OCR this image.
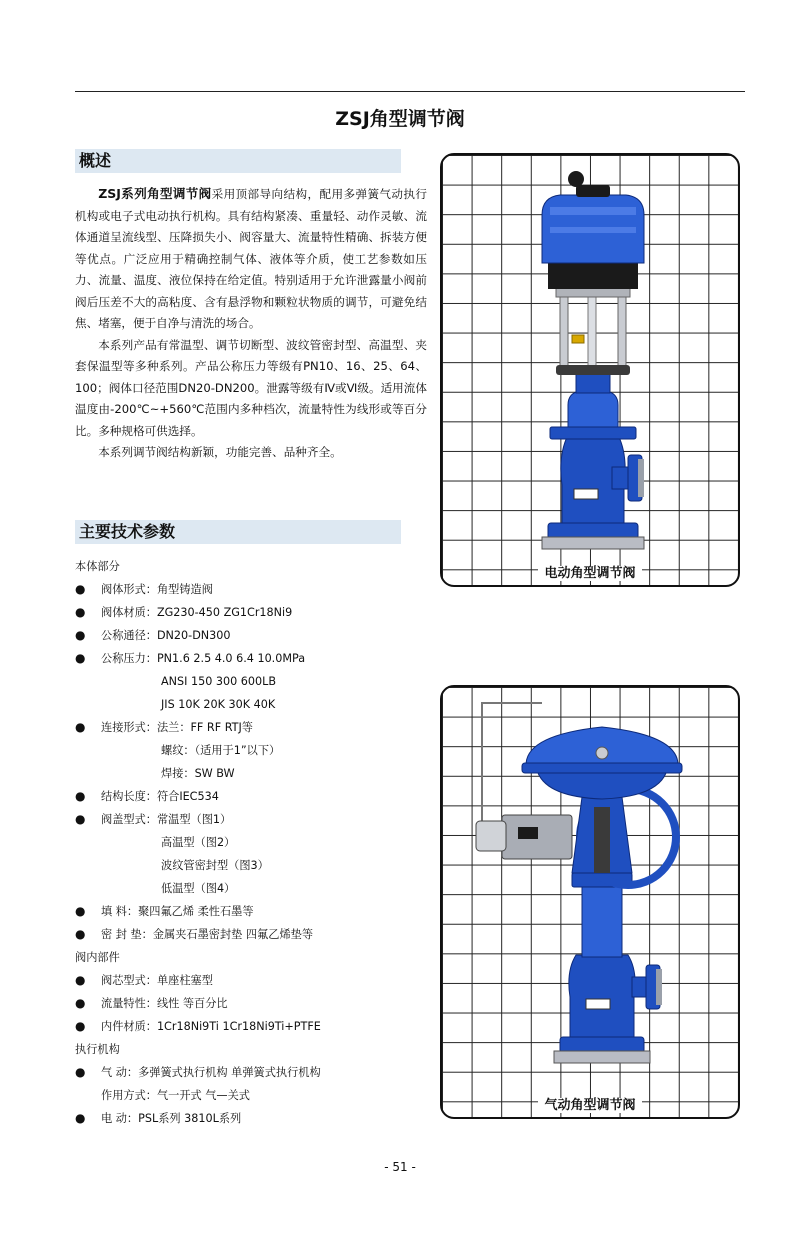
ZSJ角型调节阀
概述

ZSJ系列角型调节阀采用顶部导向结构，配用多弹簧气动执行机构或电子式电动执行机构。具有结构紧凑、重量轻、动作灵敏、流体通道呈流线型、压降损失小、阀容量大、流量特性精确、拆装方便等优点。广泛应用于精确控制气体、液体等介质，使工艺参数如压力、流量、温度、液位保持在给定值。特别适用于允许泄露量小阀前阀后压差不大的高粘度、含有悬浮物和颗粒状物质的调节，可避免结焦、堵塞，便于自净与清洗的场合。

本系列产品有常温型、调节切断型、波纹管密封型、高温型、夹套保温型等多种系列。产品公称压力等级有PN10、16、25、64、100；阀体口径范围DN20-DN200。泄露等级有Ⅳ或Ⅵ级。适用流体温度由-200℃~+560℃范围内多种档次，流量特性为线形或等百分比。多种规格可供选择。

本系列调节阀结构新颖，功能完善、品种齐全。

主要技术参数
本体部分
● 阀体形式：角型铸造阀
● 阀体材质：ZG230-450 ZG1Cr18Ni9
● 公称通径：DN20-DN300
● 公称压力：PN1.6 2.5 4.0 6.4 10.0MPa
ANSI 150 300 600LB
JIS 10K 20K 30K 40K
● 连接形式：法兰：FF RF RTJ等
螺纹：（适用于1”以下）
焊接：SW BW
● 结构长度：符合IEC534
● 阀盖型式：常温型（图1）
高温型（图2）
波纹管密封型（图3）
低温型（图4）
● 填 料：聚四氟乙烯 柔性石墨等
● 密 封 垫：金属夹石墨密封垫 四氟乙烯垫等
阀内部件
● 阀芯型式：单座柱塞型
● 流量特性：线性 等百分比
● 内件材质：1Cr18Ni9Ti 1Cr18Ni9Ti+PTFE
执行机构
● 气 动：多弹簧式执行机构 单弹簧式执行机构
作用方式：气一开式 气—关式
● 电 动：PSL系列 3810L系列
电动角型调节阀
气动角型调节阀
- 51 -
